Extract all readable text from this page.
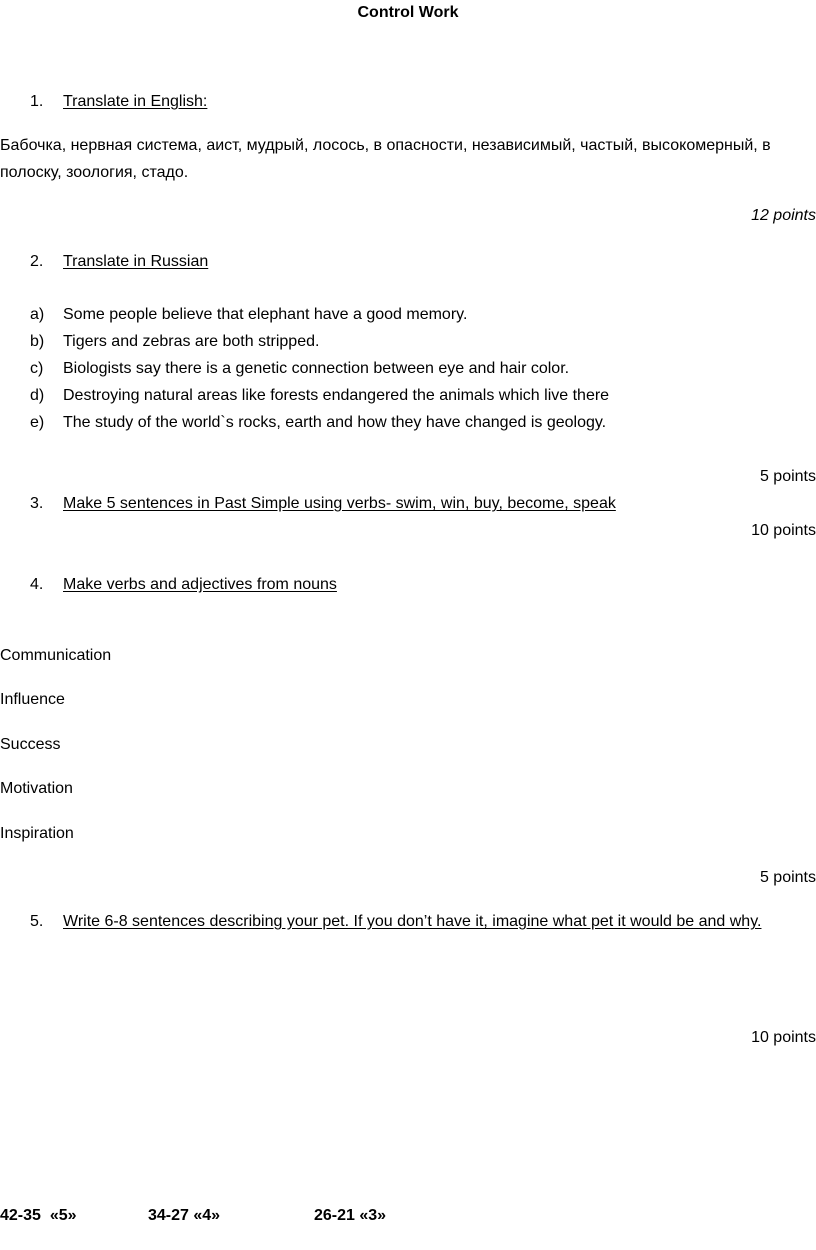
Control Work
1. Translate in English:
Бабочка, нервная система, аист, мудрый, лосось, в опасности, независимый, частый, высокомерный, в полоску, зоология, стадо.
12 points
2. Translate in Russian
a) Some people believe that elephant have a good memory.
b) Tigers and zebras are both stripped.
c) Biologists say there is a genetic connection between eye and hair color.
d) Destroying natural areas like forests endangered the animals which live there
e) The study of the world`s rocks, earth and how they have changed is geology.
5 points
3. Make 5 sentences in Past Simple using verbs- swim, win, buy, become, speak
10 points
4. Make verbs and adjectives from nouns
Communication
Influence
Success
Motivation
Inspiration
5 points
5. Write 6-8 sentences describing your pet. If you don’t have it, imagine what pet it would be and why.
10 points
42-35 «5»	34-27 «4»	26-21 «3»
